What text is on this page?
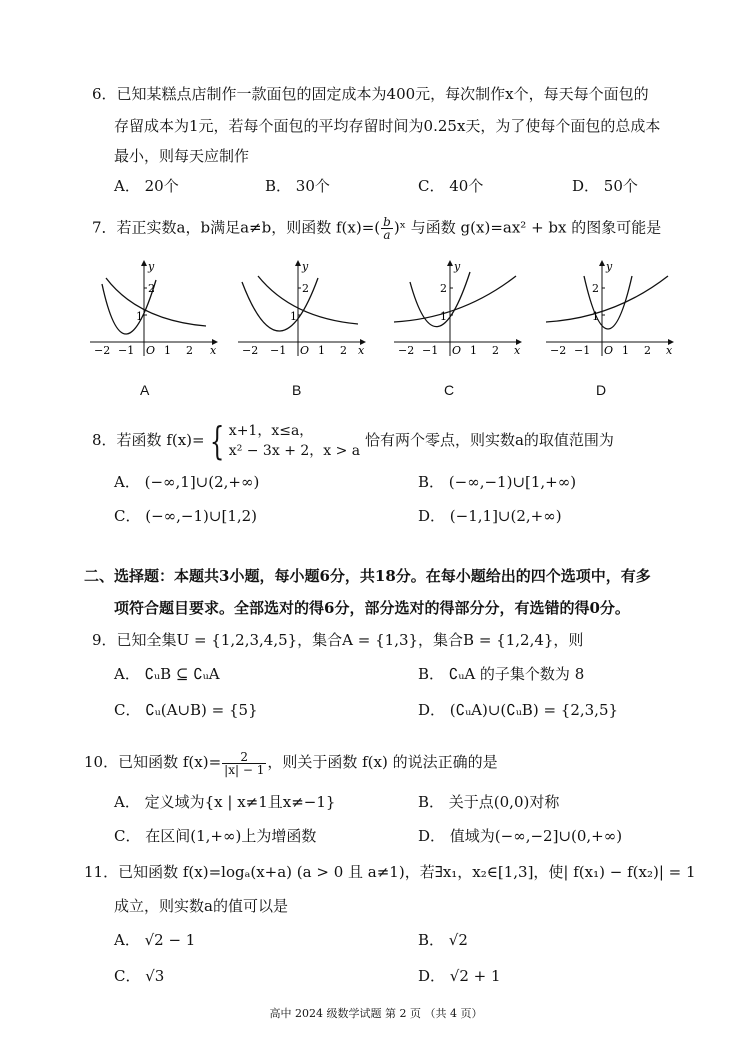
6．已知某糕点店制作一款面包的固定成本为400元，每次制作x个，每天每个面包的
存留成本为1元，若每个面包的平均存留时间为0.25x天，为了使每个面包的总成本
最小，则每天应制作
A． 20个	B． 30个	C． 40个	D． 50个
7．若正实数a，b满足a≠b，则函数 $f(x)=( \frac{b}{a}$ )ˣ 与函数 g(x)=ax² + bx 的图象可能是
−2 −1 O 1 2 x
y
2
1
−2 −1 O 1 2 x
y
2
1
−2 −1 O 1 2 x
y
2
1
−2 −1 O 1 2 x
y
2
1
A	B	C	D
8．若函数 f(x)= { x+1，x≤a，
x² − 3x + 2，x > a
恰有两个零点，则实数a的取值范围为
A． (−∞,1]∪(2,+∞)	B． (−∞,−1)∪[1,+∞)
C． (−∞,−1)∪[1,2)	D． (−1,1]∪(2,+∞)
二、选择题：本题共3小题，每小题6分，共18分。在每小题给出的四个选项中，有多
项符合题目要求。全部选对的得6分，部分选对的得部分分，有选错的得0分。
9．已知全集U = {1,2,3,4,5}，集合A = {1,3}，集合B = {1,2,4}，则
A． ∁ᵤB ⊆ ∁ᵤA	B． ∁ᵤA 的子集个数为 8
C． ∁ᵤ(A∪B) = {5}	D． (∁ᵤA)∪(∁ᵤB) = {2,3,5}
10．已知函数 $f(x)= \frac{2}{|x| - 1}$ ，则关于函数 f(x) 的说法正确的是
A． 定义域为{x | x≠1且x≠−1}	B． 关于点(0,0)对称
C． 在区间(1,+∞)上为增函数	D． 值域为(−∞,−2]∪(0,+∞)
11．已知函数 f(x)=logₐ(x+a) (a > 0 且 a≠1)，若∃x₁，x₂∈[1,3]，使| f(x₁) − f(x₂)| = 1
成立，则实数a的值可以是
A． √2 − 1	B． √2
C． √3	D． √2 + 1
高中 2024 级数学试题 第 2 页 （共 4 页）
